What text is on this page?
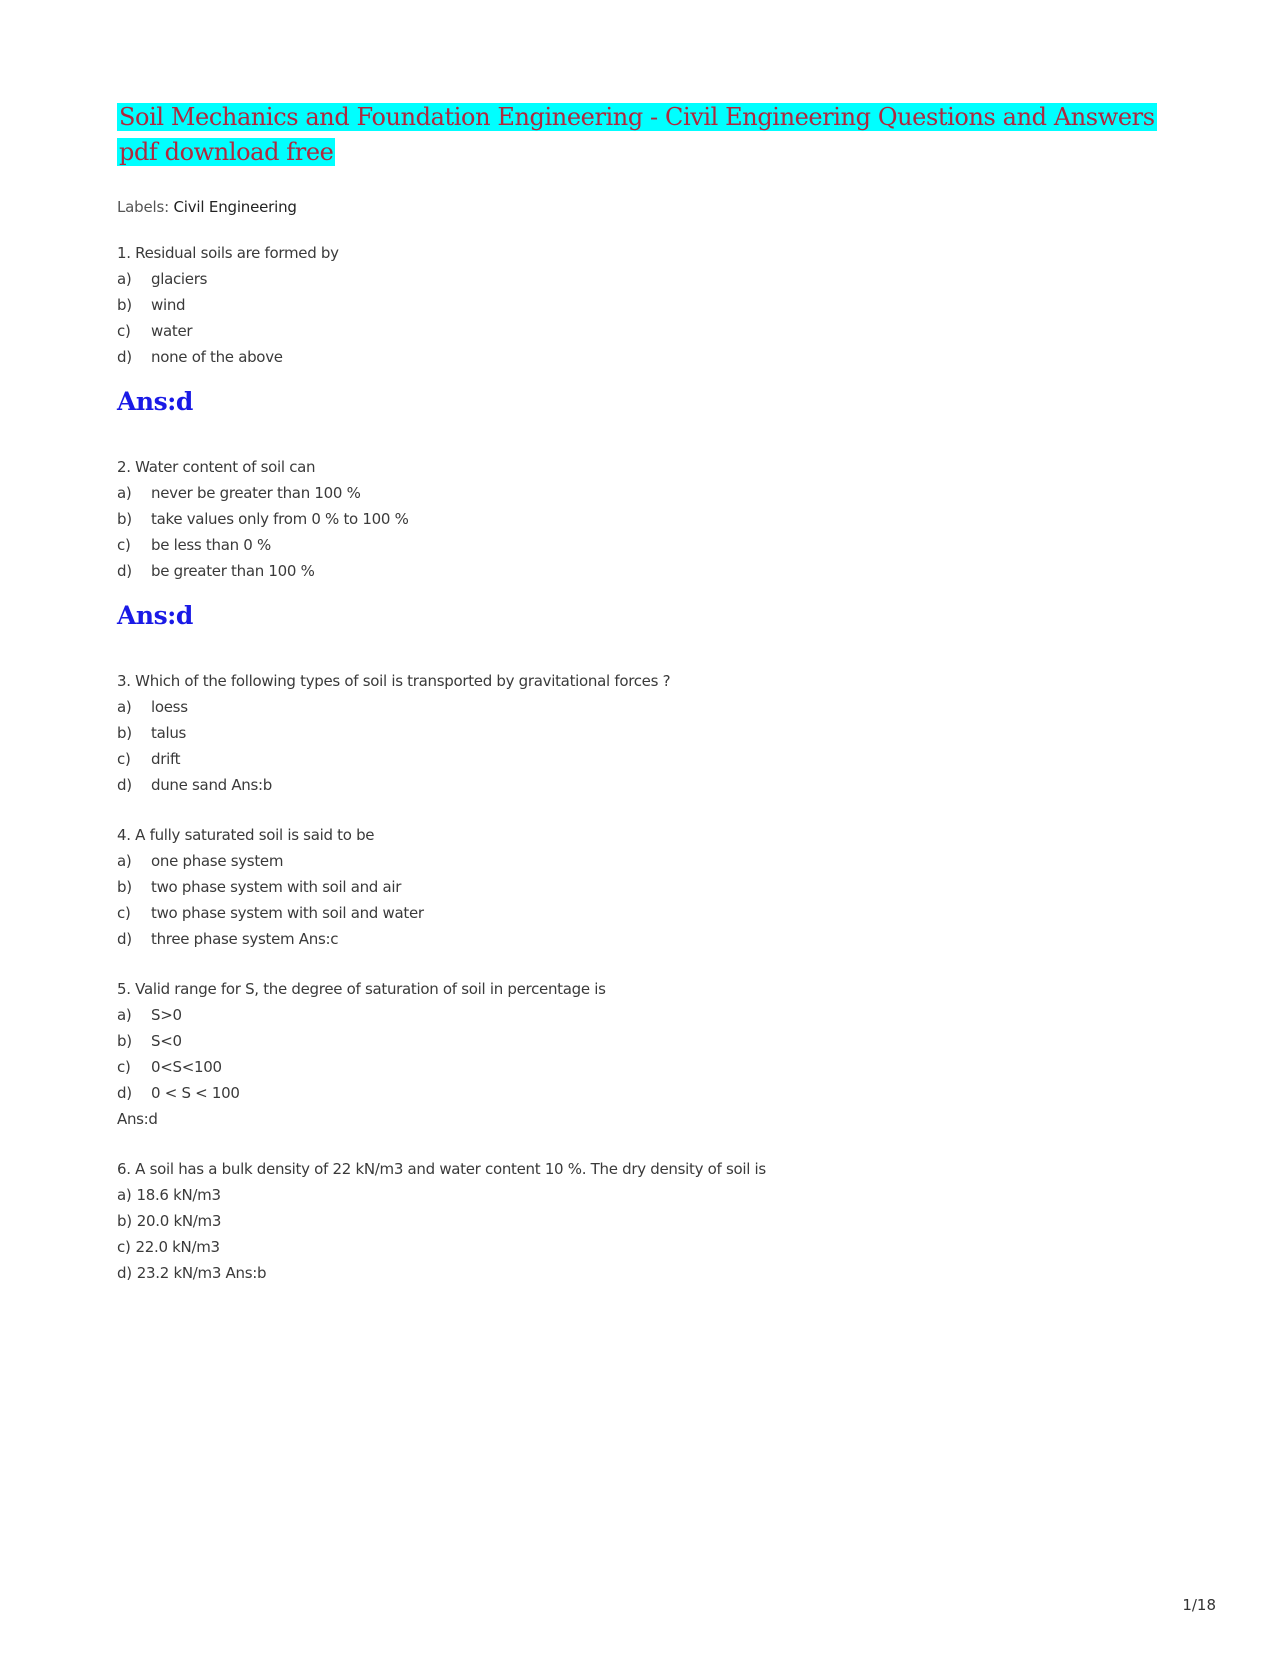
Soil Mechanics and Foundation Engineering - Civil Engineering Questions and Answers pdf download free
Labels: Civil Engineering
1. Residual soils are formed by
a)	glaciers
b)	wind
c)	water
d)	none of the above
Ans:d
2. Water content of soil can
a)	never be greater than 100 %
b)	take values only from 0 % to 100 %
c)	be less than 0 %
d)	be greater than 100 %
Ans:d
3. Which of the following types of soil is transported by gravitational forces ?
a)	loess
b)	talus
c)	drift
d)	dune sand Ans:b
4. A fully saturated soil is said to be
a)	one phase system
b)	two phase system with soil and air
c)	two phase system with soil and water
d)	three phase system Ans:c
5. Valid range for S, the degree of saturation of soil in percentage is
a)	S>0
b)	S<0
c)	0<S<100
d)	0 < S < 100
Ans:d
6. A soil has a bulk density of 22 kN/m3 and water content 10 %. The dry density of soil is
a) 18.6 kN/m3
b) 20.0 kN/m3
c) 22.0 kN/m3
d) 23.2 kN/m3 Ans:b
1/18
